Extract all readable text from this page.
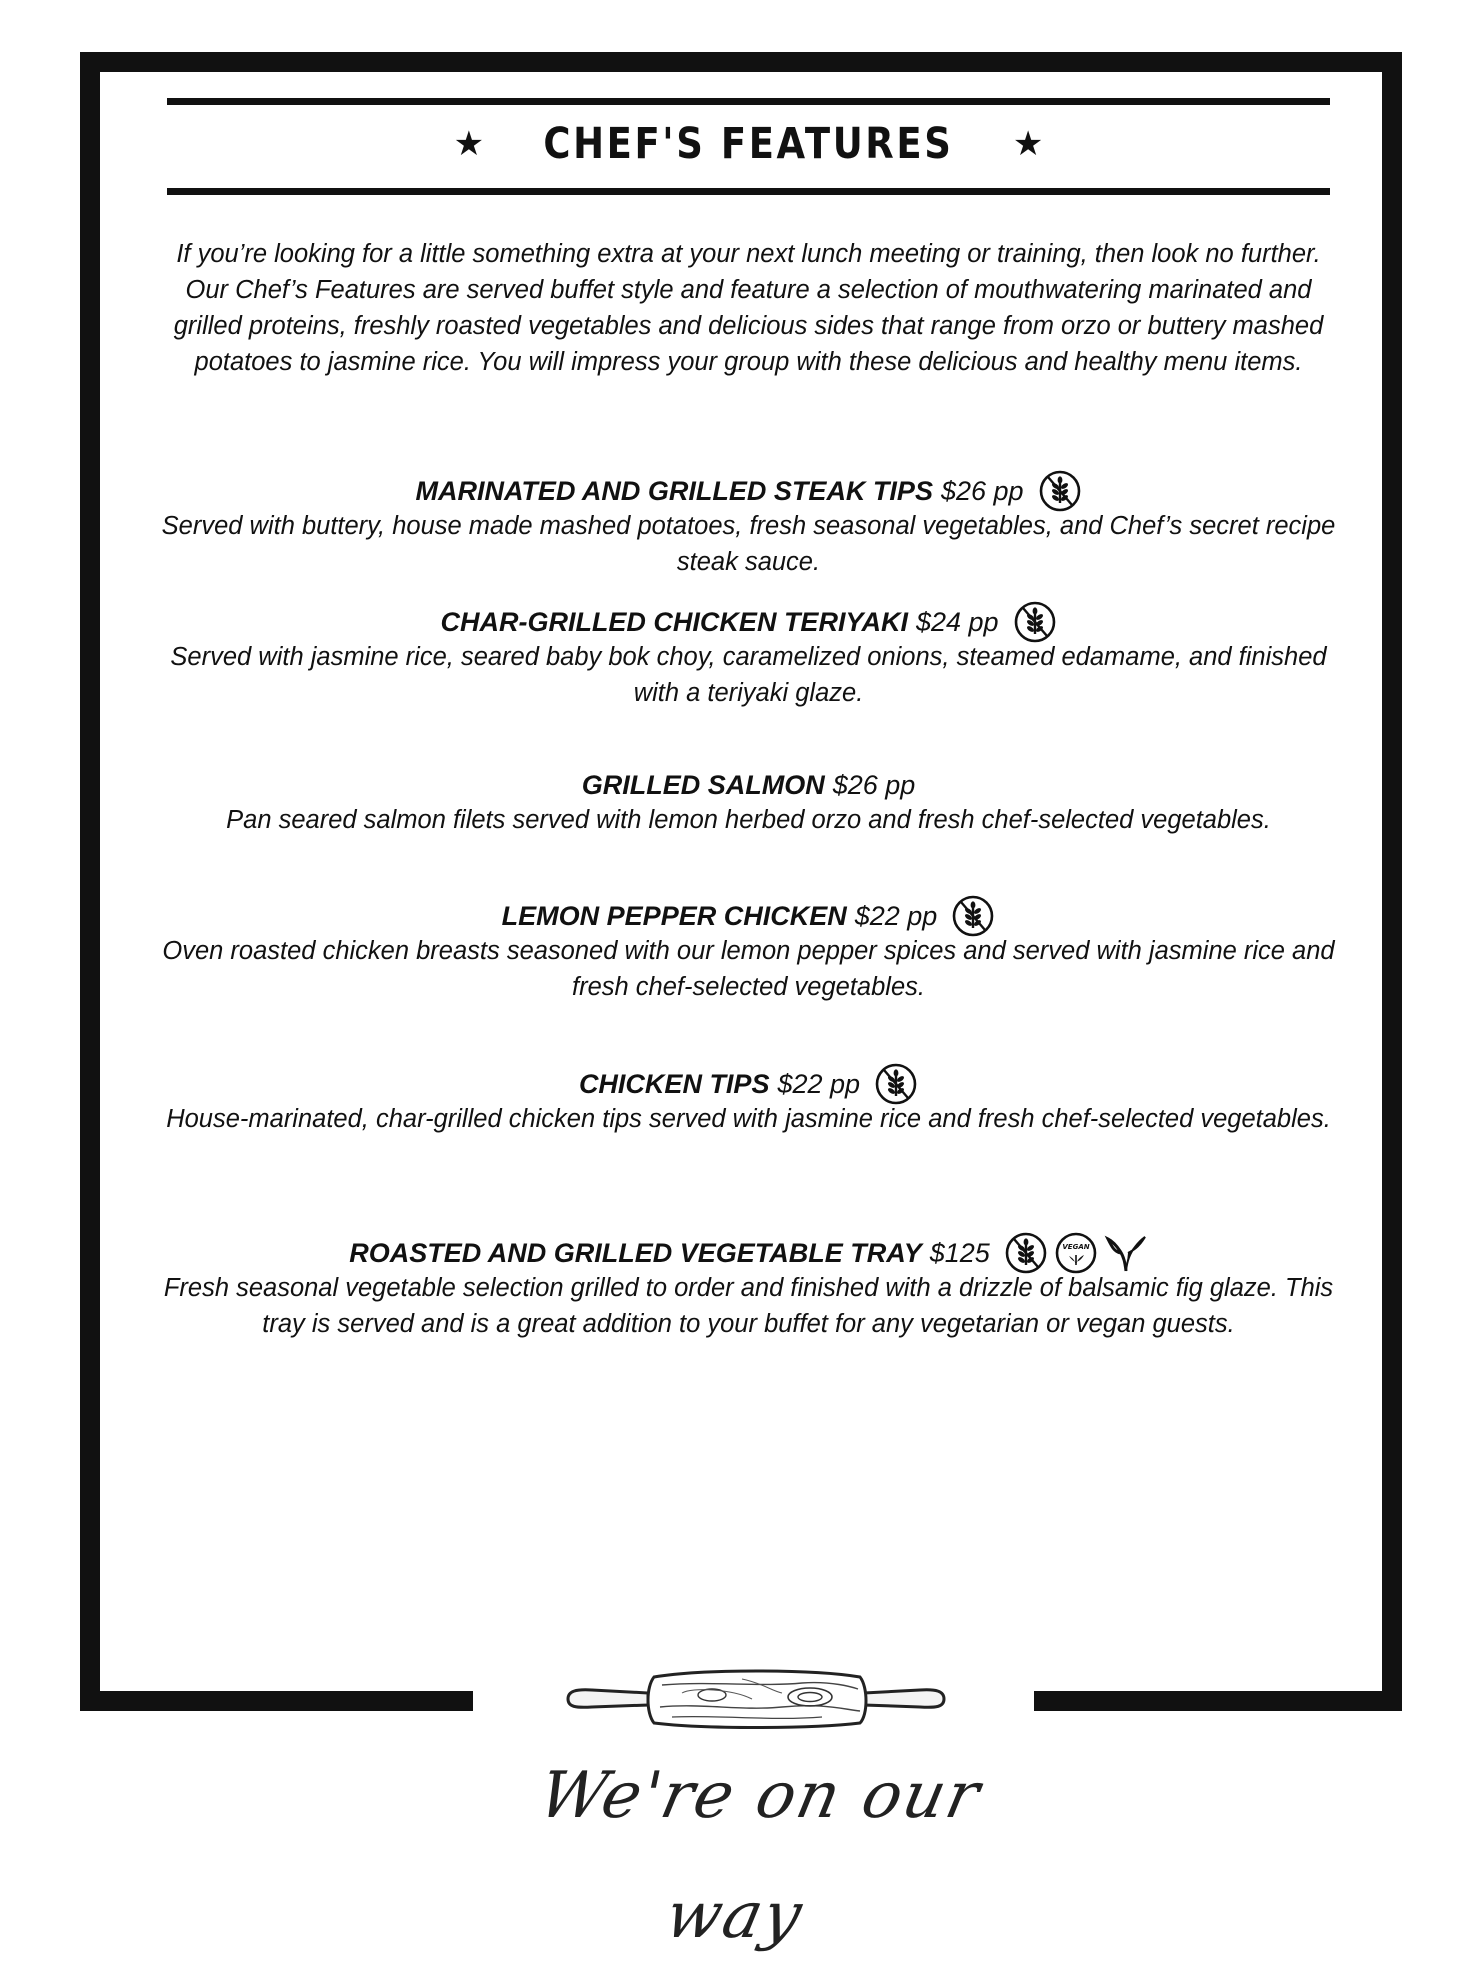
★ CHEF'S FEATURES ★
If you’re looking for a little something extra at your next lunch meeting or training, then look no further. Our Chef’s Features are served buffet style and feature a selection of mouthwatering marinated and grilled proteins, freshly roasted vegetables and delicious sides that range from orzo or buttery mashed potatoes to jasmine rice. You will impress your group with these delicious and healthy menu items.
MARINATED AND GRILLED STEAK TIPS $26 pp
Served with buttery, house made mashed potatoes, fresh seasonal vegetables, and Chef’s secret recipe steak sauce.
CHAR-GRILLED CHICKEN TERIYAKI $24 pp
Served with jasmine rice, seared baby bok choy, caramelized onions, steamed edamame, and finished with a teriyaki glaze.
GRILLED SALMON $26 pp
Pan seared salmon filets served with lemon herbed orzo and fresh chef-selected vegetables.
LEMON PEPPER CHICKEN $22 pp
Oven roasted chicken breasts seasoned with our lemon pepper spices and served with jasmine rice and fresh chef-selected vegetables.
CHICKEN TIPS $22 pp
House-marinated, char-grilled chicken tips served with jasmine rice and fresh chef-selected vegetables.
ROASTED AND GRILLED VEGETABLE TRAY $125	VEGAN
Fresh seasonal vegetable selection grilled to order and finished with a drizzle of balsamic fig glaze. This tray is served and is a great addition to your buffet for any vegetarian or vegan guests.
We're on our way
